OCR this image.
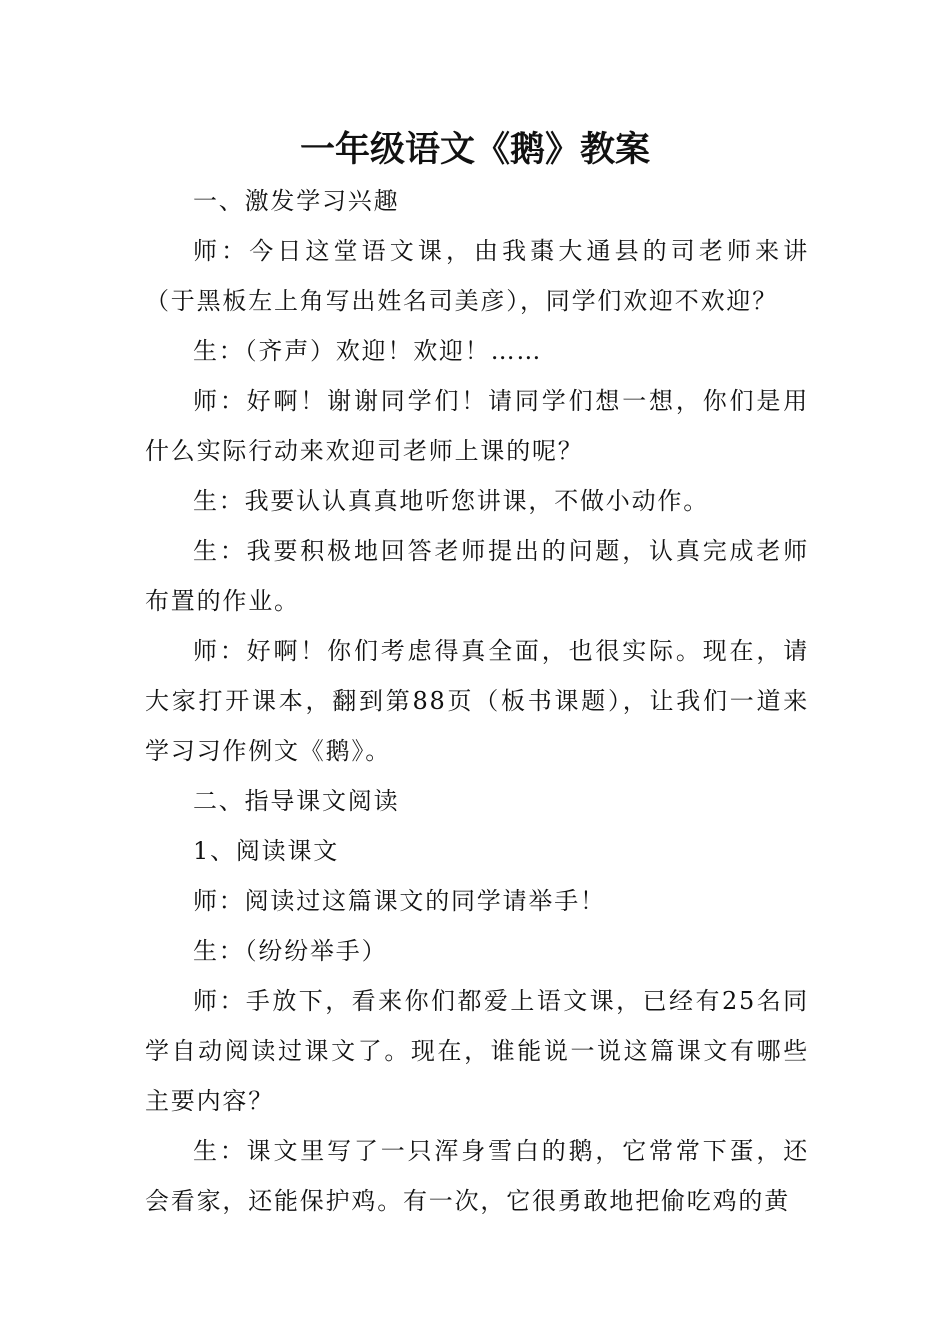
一年级语文《鹅》教案

一、激发学习兴趣

师：今日这堂语文课，由我棗大通县的司老师来讲（于黑板左上角写出姓名司美彦），同学们欢迎不欢迎？

生：（齐声）欢迎！欢迎！……

师：好啊！谢谢同学们！请同学们想一想，你们是用什么实际行动来欢迎司老师上课的呢？

生：我要认认真真地听您讲课，不做小动作。

生：我要积极地回答老师提出的问题，认真完成老师布置的作业。

师：好啊！你们考虑得真全面，也很实际。现在，请大家打开课本，翻到第88页（板书课题），让我们一道来学习习作例文《鹅》。

二、指导课文阅读

1、阅读课文

师：阅读过这篇课文的同学请举手！

生：（纷纷举手）

师：手放下，看来你们都爱上语文课，已经有25名同学自动阅读过课文了。现在，谁能说一说这篇课文有哪些主要内容？

生：课文里写了一只浑身雪白的鹅，它常常下蛋，还会看家，还能保护鸡。有一次，它很勇敢地把偷吃鸡的黄
